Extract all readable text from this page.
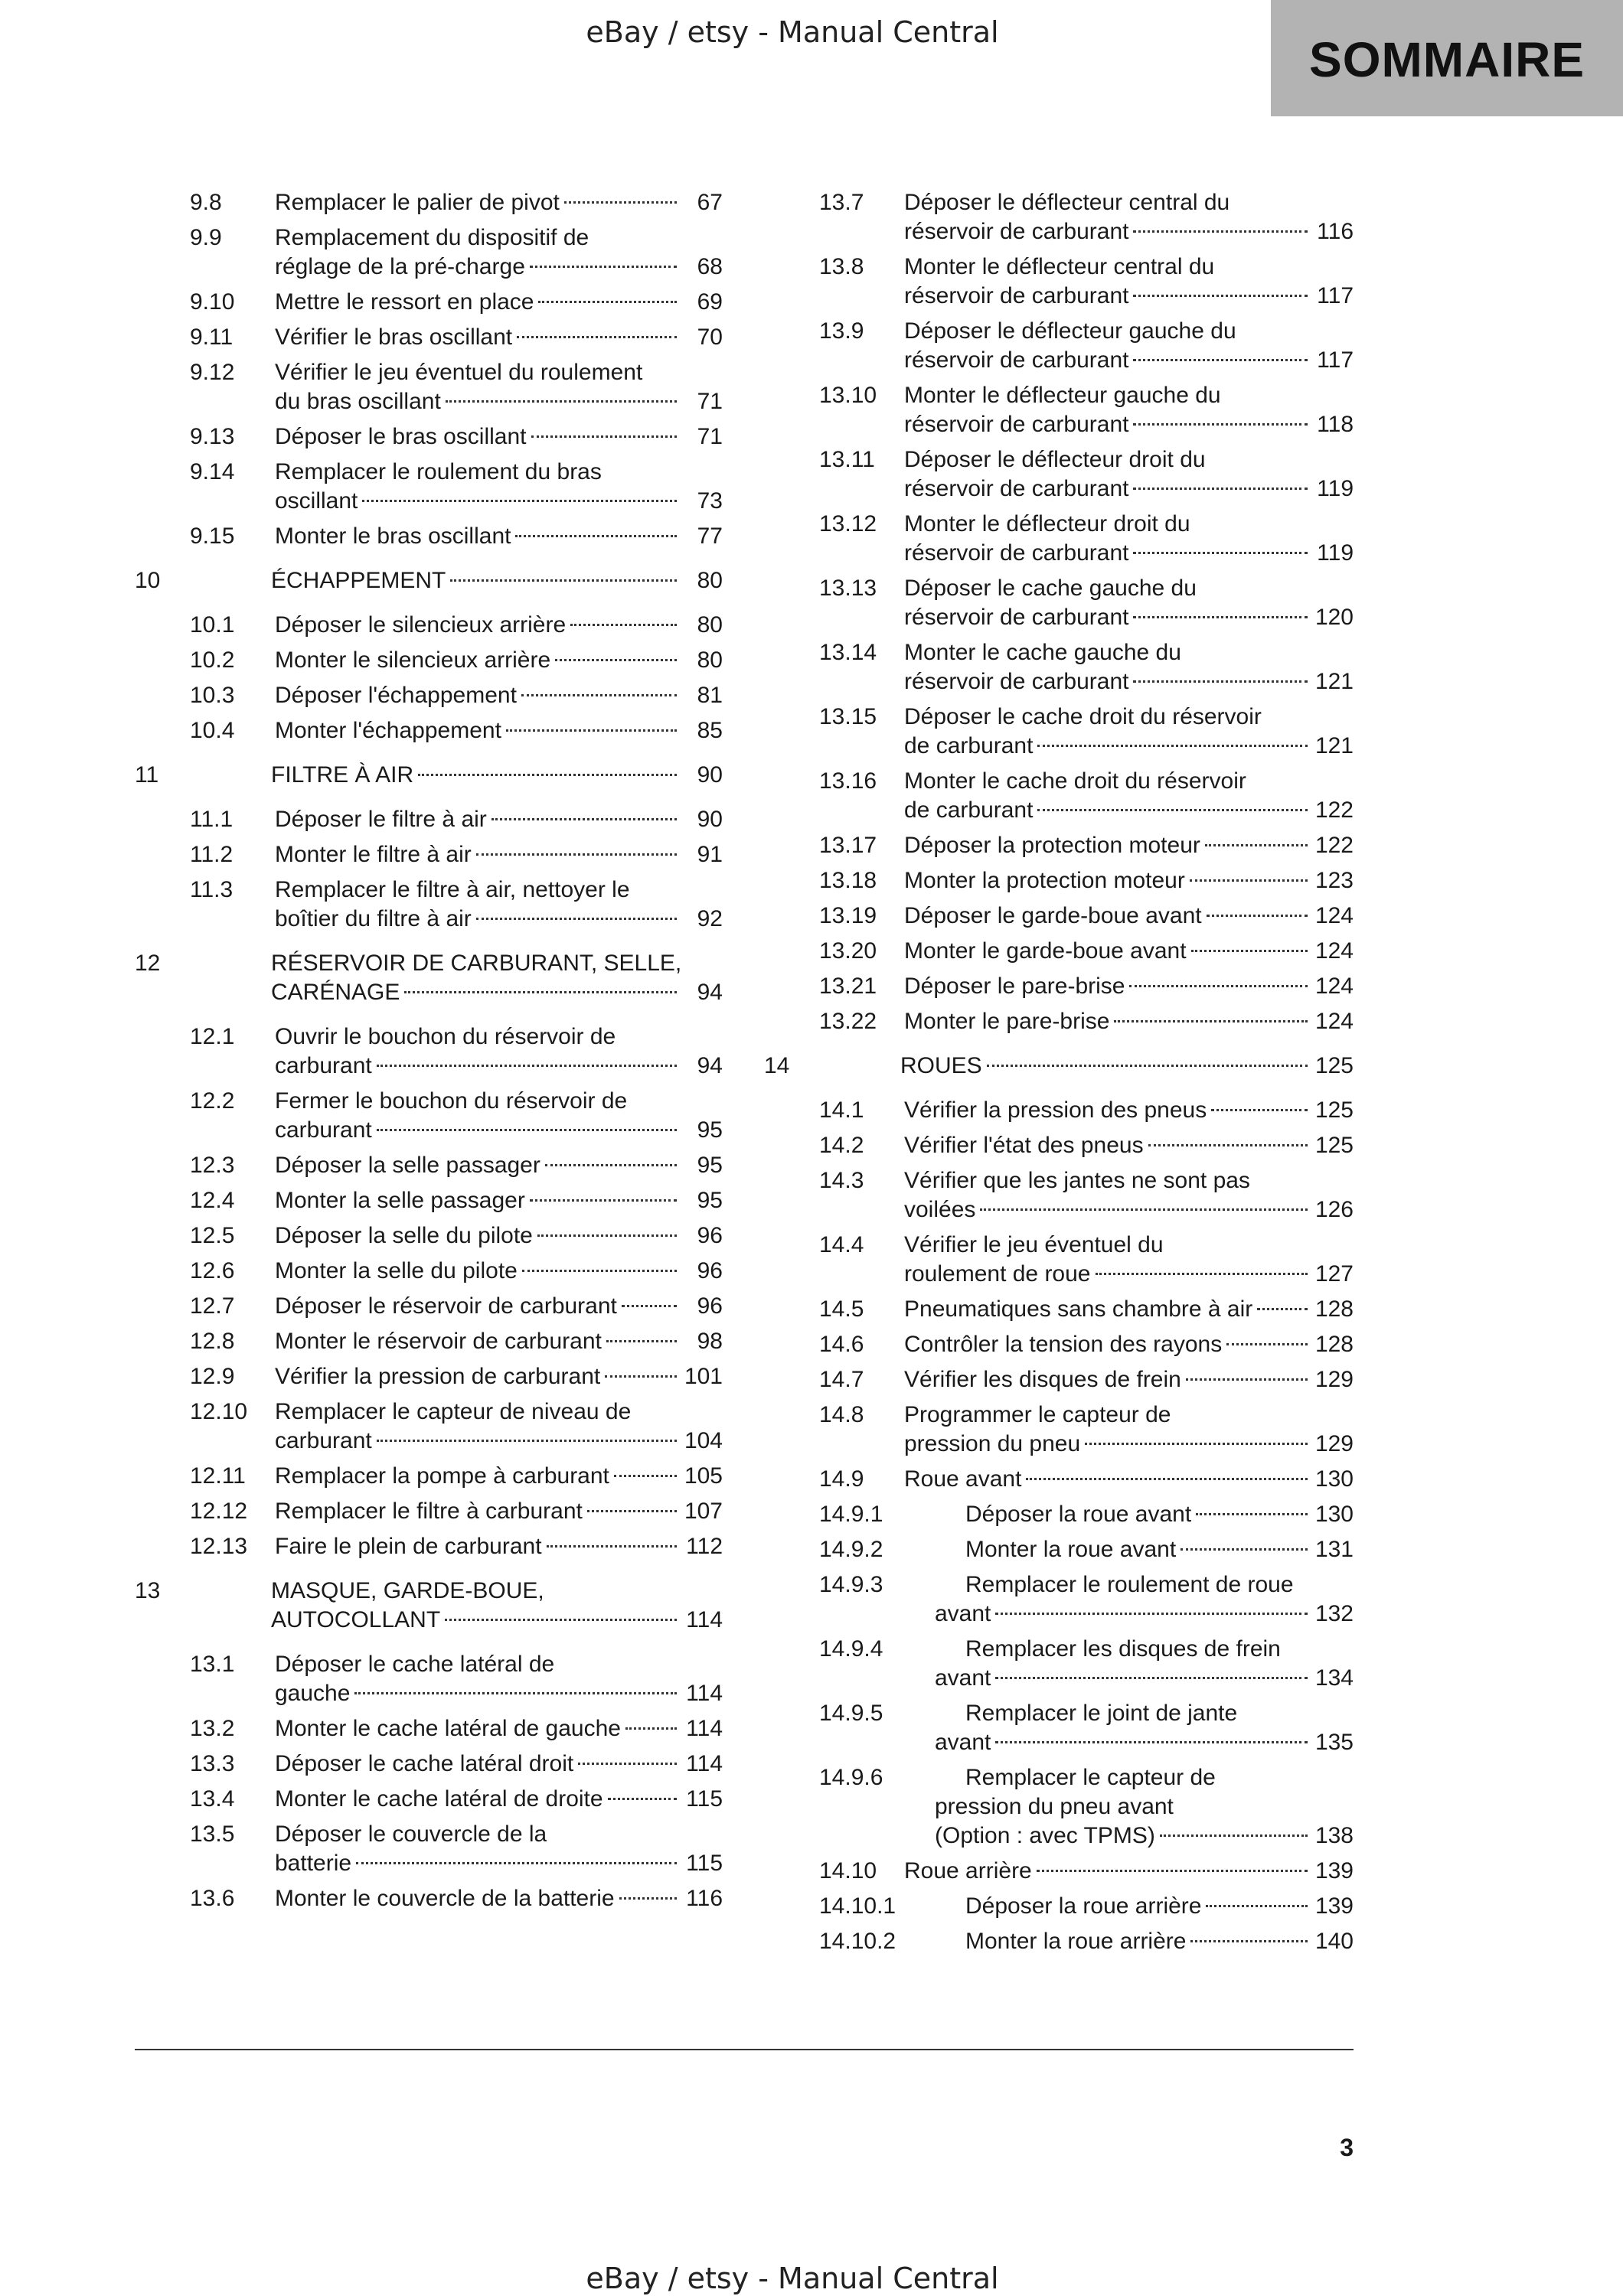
eBay / etsy - Manual Central	SOMMAIRE
9.8 Remplacer le palier de pivot	67
9.9 Remplacement du dispositif de
réglage de la pré-charge	68
9.10 Mettre le ressort en place	69
9.11 Vérifier le bras oscillant	70
9.12 Vérifier le jeu éventuel du roulement
du bras oscillant	71
9.13 Déposer le bras oscillant	71
9.14 Remplacer le roulement du bras
oscillant	73
9.15 Monter le bras oscillant	77
10	ÉCHAPPEMENT	80
10.1 Déposer le silencieux arrière	80
10.2 Monter le silencieux arrière	80
10.3 Déposer l'échappement	81
10.4 Monter l'échappement	85
11	FILTRE À AIR	90
11.1 Déposer le filtre à air	90
11.2 Monter le filtre à air	91
11.3 Remplacer le filtre à air, nettoyer le
boîtier du filtre à air	92
12	RÉSERVOIR DE CARBURANT, SELLE,
CARÉNAGE	94
12.1 Ouvrir le bouchon du réservoir de
carburant	94
12.2 Fermer le bouchon du réservoir de
carburant	95
12.3 Déposer la selle passager	95
12.4 Monter la selle passager	95
12.5 Déposer la selle du pilote	96
12.6 Monter la selle du pilote	96
12.7 Déposer le réservoir de carburant	96
12.8 Monter le réservoir de carburant	98
12.9 Vérifier la pression de carburant	101
12.10 Remplacer le capteur de niveau de
carburant	104
12.11 Remplacer la pompe à carburant	105
12.12 Remplacer le filtre à carburant	107
12.13 Faire le plein de carburant	112
13	MASQUE, GARDE-BOUE,
AUTOCOLLANT	114
13.1 Déposer le cache latéral de
gauche	114
13.2 Monter le cache latéral de gauche	114
13.3 Déposer le cache latéral droit	114
13.4 Monter le cache latéral de droite	115
13.5 Déposer le couvercle de la
batterie	115
13.6 Monter le couvercle de la batterie	116
13.7 Déposer le déflecteur central du
réservoir de carburant	116
13.8 Monter le déflecteur central du
réservoir de carburant	117
13.9 Déposer le déflecteur gauche du
réservoir de carburant	117
13.10 Monter le déflecteur gauche du
réservoir de carburant	118
13.11 Déposer le déflecteur droit du
réservoir de carburant	119
13.12 Monter le déflecteur droit du
réservoir de carburant	119
13.13 Déposer le cache gauche du
réservoir de carburant	120
13.14 Monter le cache gauche du
réservoir de carburant	121
13.15 Déposer le cache droit du réservoir
de carburant	121
13.16 Monter le cache droit du réservoir
de carburant	122
13.17 Déposer la protection moteur	122
13.18 Monter la protection moteur	123
13.19 Déposer le garde-boue avant	124
13.20 Monter le garde-boue avant	124
13.21 Déposer le pare-brise	124
13.22 Monter le pare-brise	124
14	ROUES	125
14.1 Vérifier la pression des pneus	125
14.2 Vérifier l'état des pneus	125
14.3 Vérifier que les jantes ne sont pas
voilées	126
14.4 Vérifier le jeu éventuel du
roulement de roue	127
14.5 Pneumatiques sans chambre à air	128
14.6 Contrôler la tension des rayons	128
14.7 Vérifier les disques de frein	129
14.8 Programmer le capteur de
pression du pneu	129
14.9 Roue avant	130
14.9.1	Déposer la roue avant	130
14.9.2	Monter la roue avant	131
14.9.3	Remplacer le roulement de roue
avant	132
14.9.4	Remplacer les disques de frein
avant	134
14.9.5	Remplacer le joint de jante
avant	135
14.9.6	Remplacer le capteur de
pression du pneu avant
(Option : avec TPMS)	138
14.10 Roue arrière	139
14.10.1	Déposer la roue arrière	139
14.10.2	Monter la roue arrière	140
3
eBay / etsy - Manual Central
